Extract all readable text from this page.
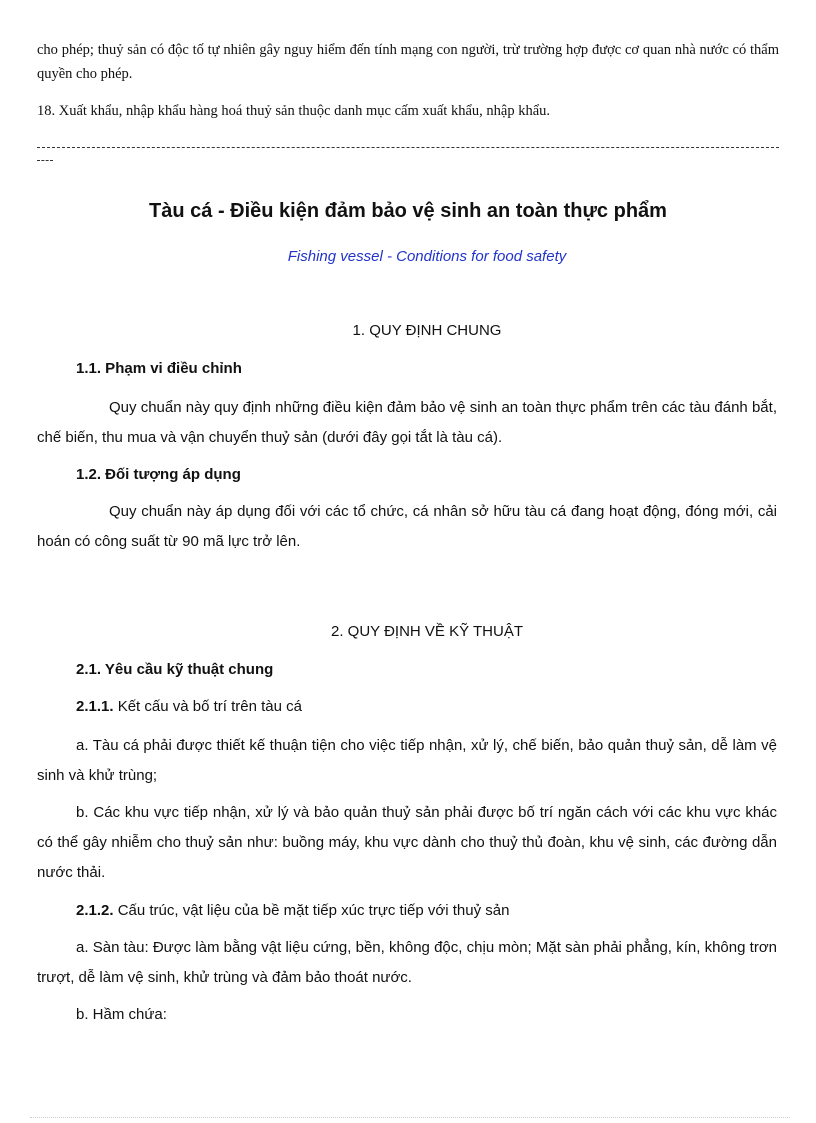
cho phép; thuỷ sản có độc tố tự nhiên gây nguy hiểm đến tính mạng con người, trừ trường hợp được cơ quan nhà nước có thẩm quyền cho phép.

18. Xuất khẩu, nhập khẩu hàng hoá thuỷ sản thuộc danh mục cấm xuất khẩu, nhập khẩu.

Tàu cá - Điều kiện đảm bảo vệ sinh an toàn thực phẩm
Fishing vessel - Conditions for food safety
1. QUY ĐỊNH CHUNG
1.1. Phạm vi điều chỉnh

Quy chuẩn này quy định những điều kiện đảm bảo vệ sinh an toàn thực phẩm trên các tàu đánh bắt, chế biến, thu mua và vận chuyển thuỷ sản (dưới đây gọi tắt là tàu cá).

1.2. Đối tượng áp dụng

Quy chuẩn này áp dụng đối với các tổ chức, cá nhân sở hữu tàu cá đang hoạt động, đóng mới, cải hoán có công suất từ 90 mã lực trở lên.

2. QUY ĐỊNH VỀ KỸ THUẬT
2.1. Yêu cầu kỹ thuật chung
2.1.1. Kết cấu và bố trí trên tàu cá

a. Tàu cá phải được thiết kế thuận tiện cho việc tiếp nhận, xử lý, chế biến, bảo quản thuỷ sản, dễ làm vệ sinh và khử trùng;

b. Các khu vực tiếp nhận, xử lý và bảo quản thuỷ sản phải được bố trí ngăn cách với các khu vực khác có thể gây nhiễm cho thuỷ sản như: buồng máy, khu vực dành cho thuỷ thủ đoàn, khu vệ sinh, các đường dẫn nước thải.

2.1.2. Cấu trúc, vật liệu của bề mặt tiếp xúc trực tiếp với thuỷ sản

a. Sàn tàu: Được làm bằng vật liệu cứng, bền, không độc, chịu mòn; Mặt sàn phải phẳng, kín, không trơn trượt, dễ làm vệ sinh, khử trùng và đảm bảo thoát nước.

b. Hầm chứa:
